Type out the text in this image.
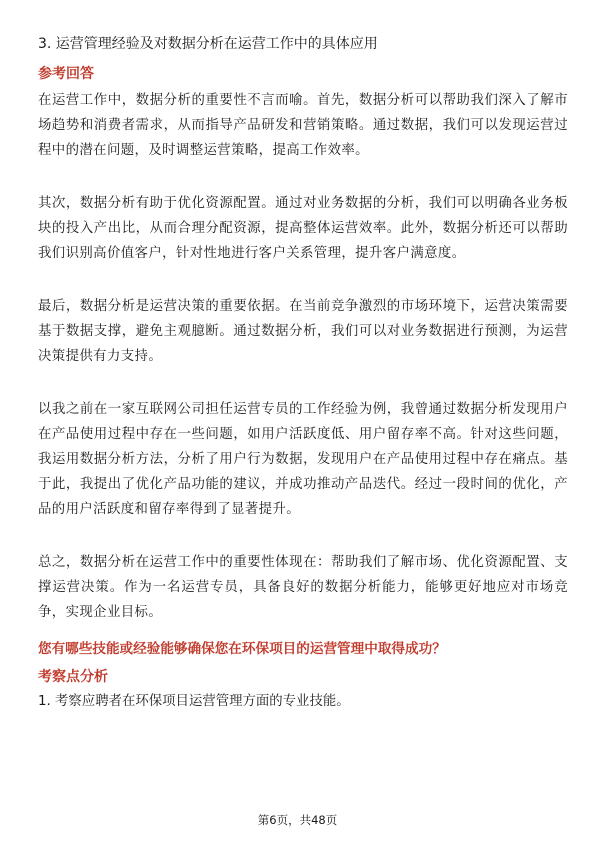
3. 运营管理经验及对数据分析在运营工作中的具体应用
参考回答
在运营工作中，数据分析的重要性不言而喻。首先，数据分析可以帮助我们深入了解市场趋势和消费者需求，从而指导产品研发和营销策略。通过数据，我们可以发现运营过程中的潜在问题，及时调整运营策略，提高工作效率。
其次，数据分析有助于优化资源配置。通过对业务数据的分析，我们可以明确各业务板块的投入产出比，从而合理分配资源，提高整体运营效率。此外，数据分析还可以帮助我们识别高价值客户，针对性地进行客户关系管理，提升客户满意度。
最后，数据分析是运营决策的重要依据。在当前竞争激烈的市场环境下，运营决策需要基于数据支撑，避免主观臆断。通过数据分析，我们可以对业务数据进行预测，为运营决策提供有力支持。
以我之前在一家互联网公司担任运营专员的工作经验为例，我曾通过数据分析发现用户在产品使用过程中存在一些问题，如用户活跃度低、用户留存率不高。针对这些问题，我运用数据分析方法，分析了用户行为数据，发现用户在产品使用过程中存在痛点。基于此，我提出了优化产品功能的建议，并成功推动产品迭代。经过一段时间的优化，产品的用户活跃度和留存率得到了显著提升。
总之，数据分析在运营工作中的重要性体现在：帮助我们了解市场、优化资源配置、支撑运营决策。作为一名运营专员，具备良好的数据分析能力，能够更好地应对市场竞争，实现企业目标。
您有哪些技能或经验能够确保您在环保项目的运营管理中取得成功？
考察点分析
1. 考察应聘者在环保项目运营管理方面的专业技能。
第6页，共48页
